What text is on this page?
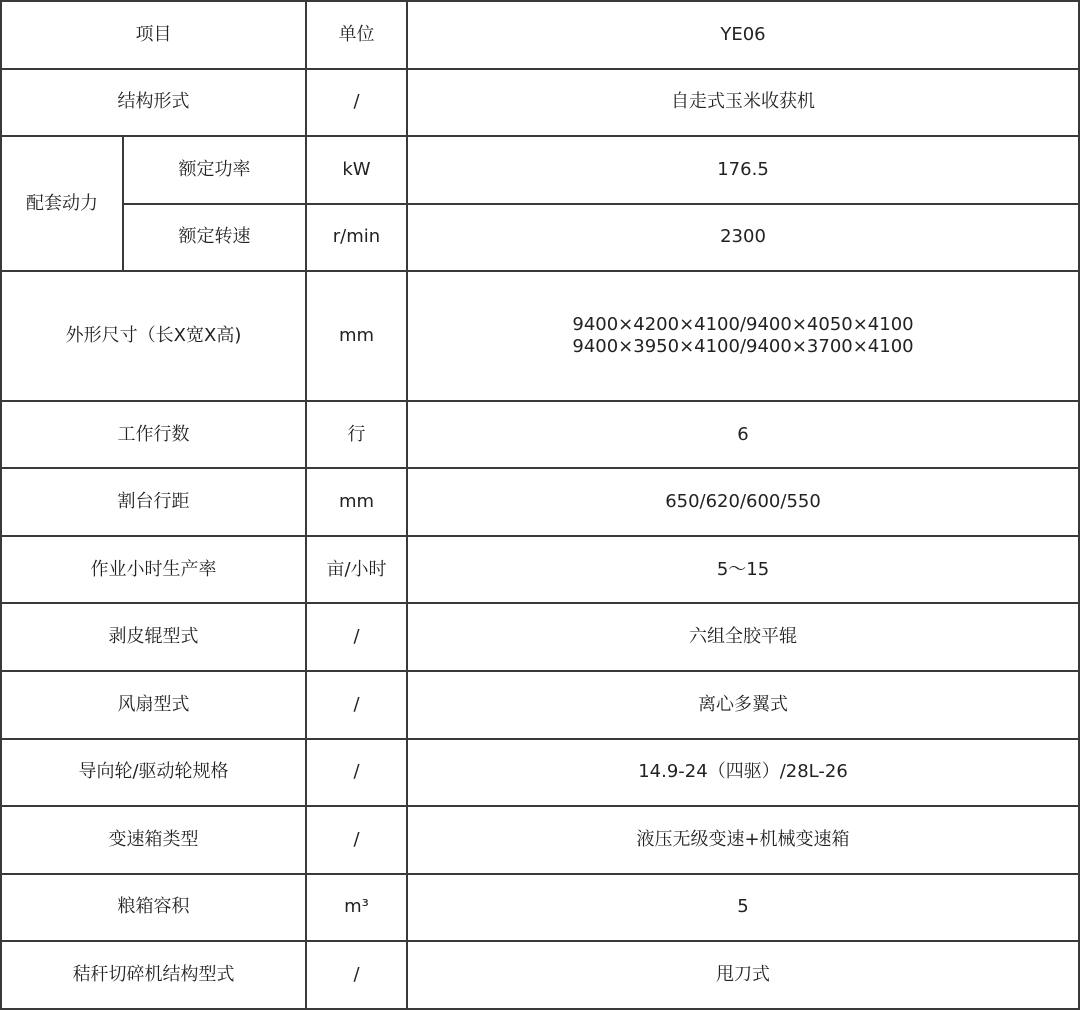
项目		单位	YE06
结构形式		/	自走式玉米收获机
配套动力	额定功率	kW	176.5
	额定转速	r/min	2300
外形尺寸（长X宽X高)		mm	9400×4200×4100/9400×4050×4100
9400×3950×4100/9400×3700×4100

工作行数		行	6
割台行距		mm	650/620/600/550
作业小时生产率		亩/小时	5～15
剥皮辊型式		/	六组全胶平辊
风扇型式		/	离心多翼式
导向轮/驱动轮规格		/	14.9-24（四驱）/28L-26
变速箱类型		/	液压无级变速+机械变速箱
粮箱容积		m³	5
秸秆切碎机结构型式		/	甩刀式
